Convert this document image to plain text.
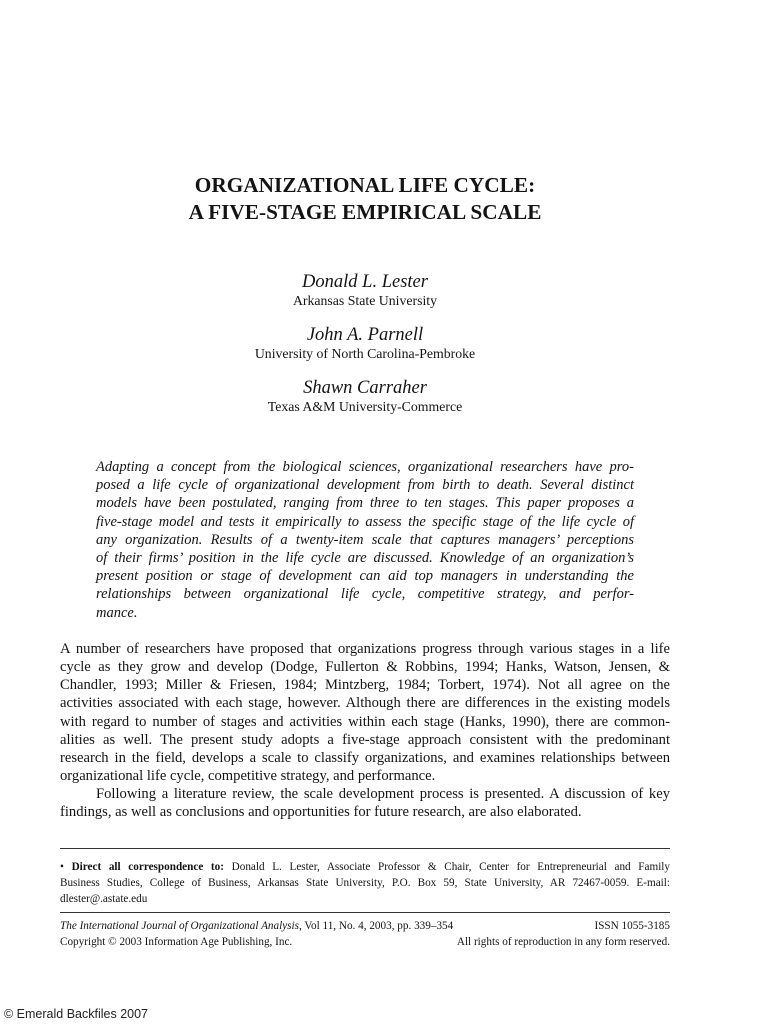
ORGANIZATIONAL LIFE CYCLE:
A FIVE-STAGE EMPIRICAL SCALE
Donald L. Lester
Arkansas State University
John A. Parnell
University of North Carolina-Pembroke
Shawn Carraher
Texas A&M University-Commerce
Adapting a concept from the biological sciences, organizational researchers have pro-
posed a life cycle of organizational development from birth to death. Several distinct
models have been postulated, ranging from three to ten stages. This paper proposes a
five-stage model and tests it empirically to assess the specific stage of the life cycle of
any organization. Results of a twenty-item scale that captures managers’ perceptions
of their firms’ position in the life cycle are discussed. Knowledge of an organization’s
present position or stage of development can aid top managers in understanding the
relationships between organizational life cycle, competitive strategy, and perfor-
mance.
A number of researchers have proposed that organizations progress through various stages in a life
cycle as they grow and develop (Dodge, Fullerton & Robbins, 1994; Hanks, Watson, Jensen, &
Chandler, 1993; Miller & Friesen, 1984; Mintzberg, 1984; Torbert, 1974). Not all agree on the
activities associated with each stage, however. Although there are differences in the existing models
with regard to number of stages and activities within each stage (Hanks, 1990), there are common-
alities as well. The present study adopts a five-stage approach consistent with the predominant
research in the field, develops a scale to classify organizations, and examines relationships between
organizational life cycle, competitive strategy, and performance.
Following a literature review, the scale development process is presented. A discussion of key
findings, as well as conclusions and opportunities for future research, are also elaborated.
• Direct all correspondence to: Donald L. Lester, Associate Professor & Chair, Center for Entrepreneurial and Family
Business Studies, College of Business, Arkansas State University, P.O. Box 59, State University, AR 72467-0059. E-mail:
dlester@.astate.edu
The International Journal of Organizational Analysis, Vol 11, No. 4, 2003, pp. 339–354	ISSN 1055-3185
Copyright © 2003 Information Age Publishing, Inc.	All rights of reproduction in any form reserved.
© Emerald Backfiles 2007
